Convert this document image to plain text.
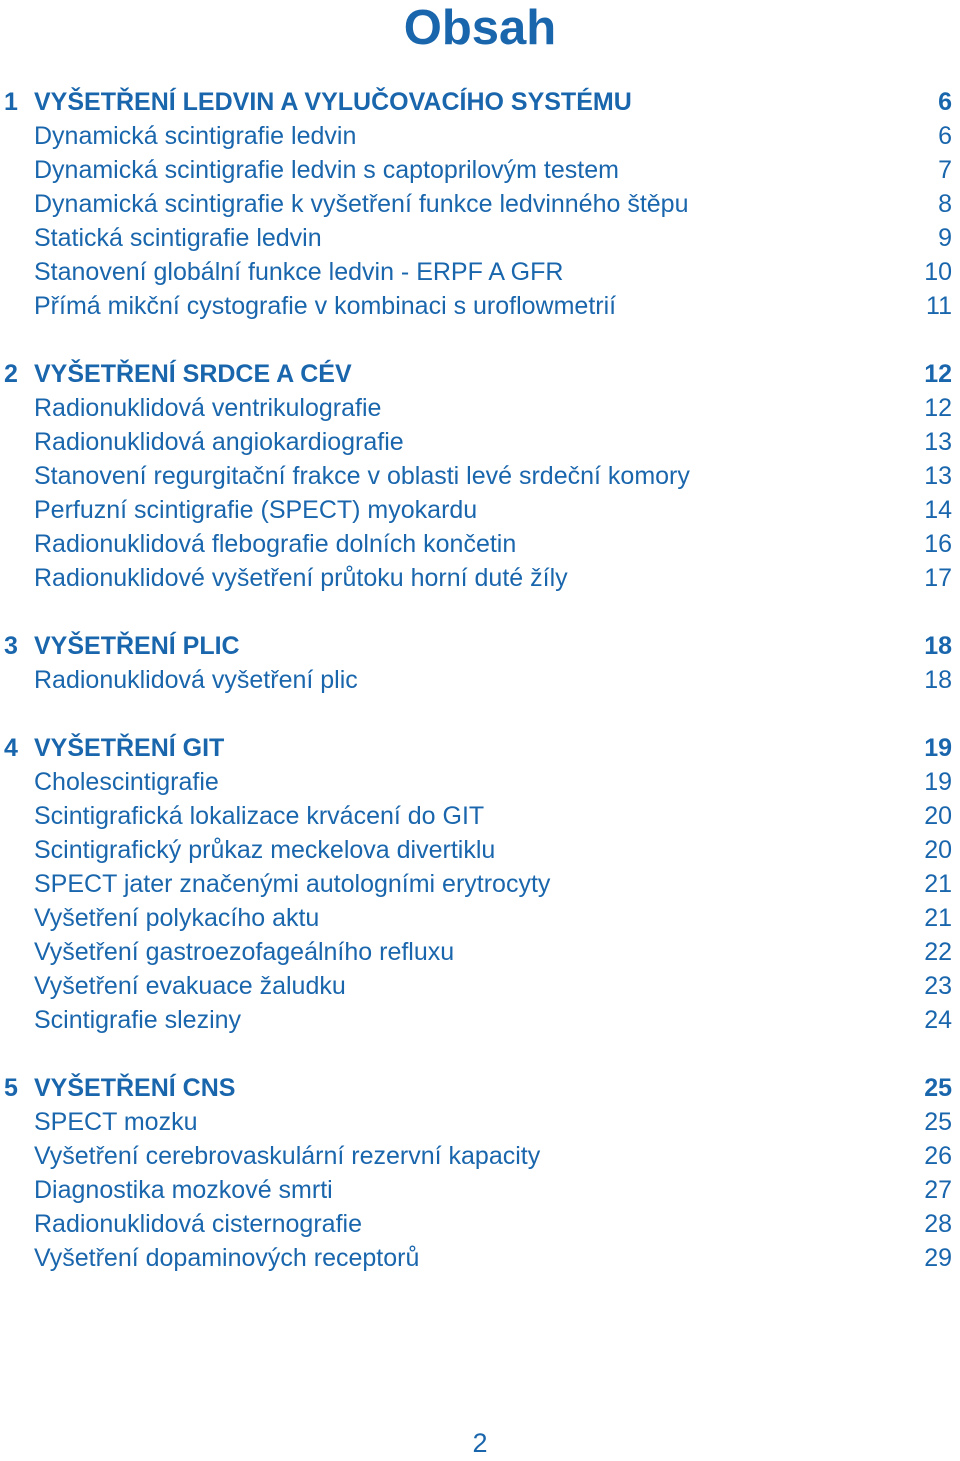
Obsah
1 VYŠETŘENÍ LEDVIN A VYLUČOVACÍHO SYSTÉMU	6
Dynamická scintigrafie ledvin	6
Dynamická scintigrafie ledvin s captoprilovým testem	7
Dynamická scintigrafie k vyšetření funkce ledvinného štěpu	8
Statická scintigrafie ledvin	9
Stanovení globální funkce ledvin - ERPF A GFR	10
Přímá mikční cystografie v kombinaci s uroflowmetrií	11
2 VYŠETŘENÍ SRDCE A CÉV	12
Radionuklidová ventrikulografie	12
Radionuklidová angiokardiografie	13
Stanovení regurgitační frakce v oblasti levé srdeční komory	13
Perfuzní scintigrafie (SPECT) myokardu	14
Radionuklidová flebografie dolních končetin	16
Radionuklidové vyšetření průtoku horní duté žíly	17
3 VYŠETŘENÍ PLIC	18
Radionuklidová vyšetření plic	18
4 VYŠETŘENÍ GIT	19
Cholescintigrafie	19
Scintigrafická lokalizace krvácení do GIT	20
Scintigrafický průkaz meckelova divertiklu	20
SPECT jater značenými autologními erytrocyty	21
Vyšetření polykacího aktu	21
Vyšetření gastroezofageálního refluxu	22
Vyšetření evakuace žaludku	23
Scintigrafie sleziny	24
5 VYŠETŘENÍ CNS	25
SPECT mozku	25
Vyšetření cerebrovaskulární rezervní kapacity	26
Diagnostika mozkové smrti	27
Radionuklidová cisternografie	28
Vyšetření dopaminových receptorů	29
2
